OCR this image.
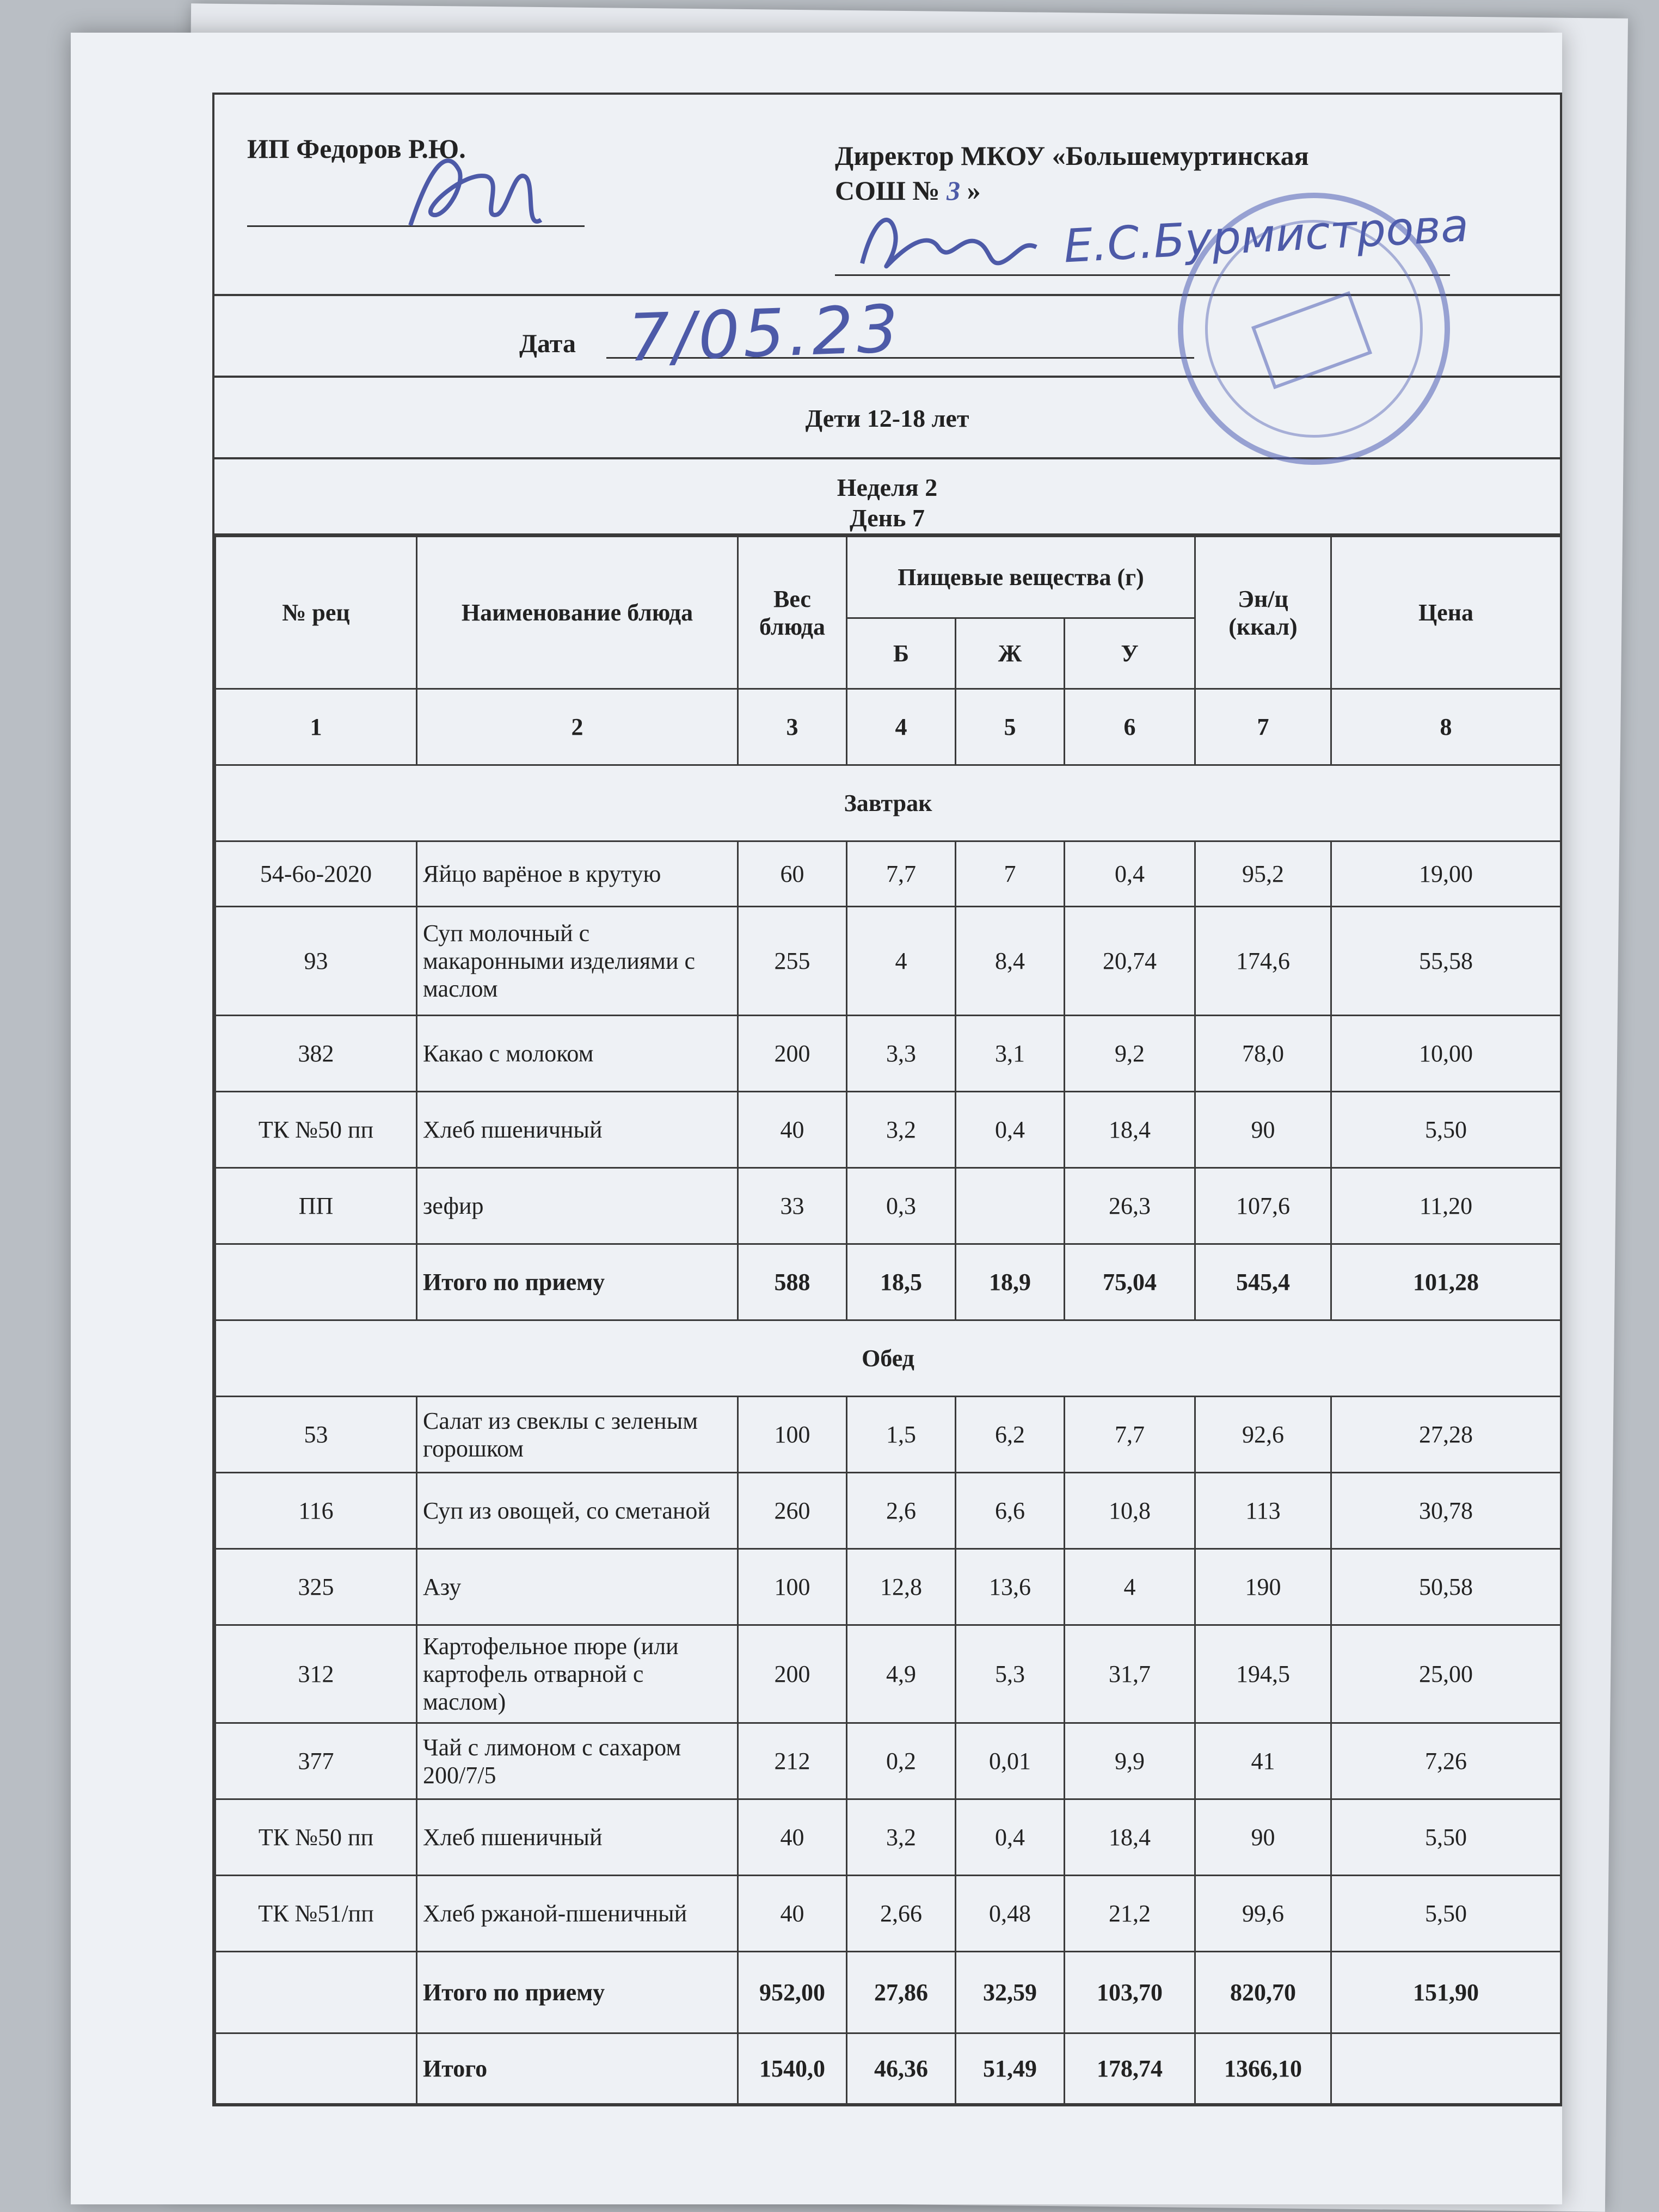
ИП Федоров Р.Ю.	Директор МКОУ «Большемуртинская
СОШ № 3 »
Е.С.Бурмистрова
Дата 7/05.23
Дети 12-18 лет
Неделя 2
День 7
№ рец	Наименование блюда	Вес блюда	Пищевые вещества (г)			Эн/ц (ккал)	Цена
			Б	Ж	У		
1	2	3	4	5	6	7	8
Завтрак							
54-6о-2020	Яйцо варёное в крутую	60	7,7	7	0,4	95,2	19,00
93	Суп молочный с макаронными изделиями с маслом	255	4	8,4	20,74	174,6	55,58
382	Какао с молоком	200	3,3	3,1	9,2	78,0	10,00
ТК №50 пп	Хлеб пшеничный	40	3,2	0,4	18,4	90	5,50
ПП	зефир	33	0,3		26,3	107,6	11,20
	Итого по приему	588	18,5	18,9	75,04	545,4	101,28
Обед							
53	Салат из свеклы с зеленым горошком	100	1,5	6,2	7,7	92,6	27,28
116	Суп из овощей, со сметаной	260	2,6	6,6	10,8	113	30,78
325	Азу	100	12,8	13,6	4	190	50,58
312	Картофельное пюре (или картофель отварной с маслом)	200	4,9	5,3	31,7	194,5	25,00
377	Чай с лимоном с сахаром 200/7/5	212	0,2	0,01	9,9	41	7,26
ТК №50 пп	Хлеб пшеничный	40	3,2	0,4	18,4	90	5,50
ТК №51/пп	Хлеб ржаной-пшеничный	40	2,66	0,48	21,2	99,6	5,50
	Итого по приему	952,00	27,86	32,59	103,70	820,70	151,90
	Итого	1540,0	46,36	51,49	178,74	1366,10	
